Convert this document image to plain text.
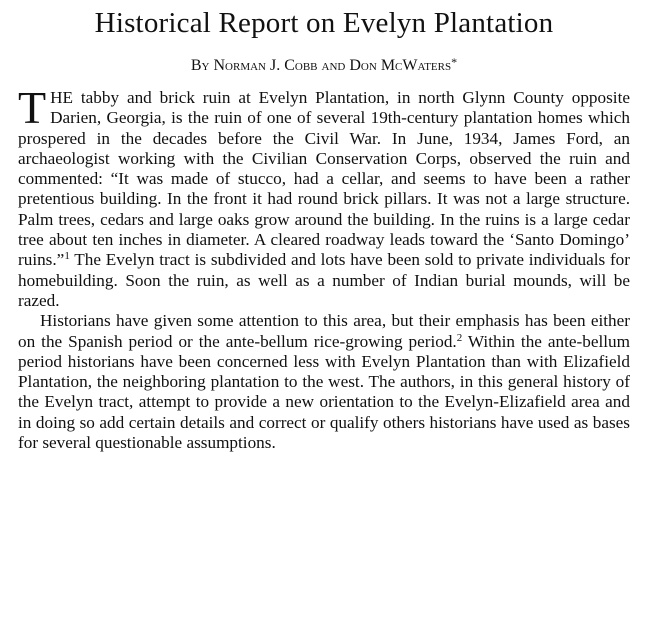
Historical Report on Evelyn Plantation

By Norman J. Cobb and Don McWaters*

THE tabby and brick ruin at Evelyn Plantation, in north Glynn County opposite Darien, Georgia, is the ruin of one of several 19th-century plantation homes which prospered in the decades before the Civil War. In June, 1934, James Ford, an archaeologist working with the Civilian Conservation Corps, observed the ruin and commented: “It was made of stucco, had a cellar, and seems to have been a rather pretentious building. In the front it had round brick pillars. It was not a large structure. Palm trees, cedars and large oaks grow around the building. In the ruins is a large cedar tree about ten inches in diameter. A cleared roadway leads toward the ‘Santo Domingo’ ruins.”$^1$ The Evelyn tract is subdivided and lots have been sold to private individuals for homebuilding. Soon the ruin, as well as a number of Indian burial mounds, will be razed.

Historians have given some attention to this area, but their emphasis has been either on the Spanish period or the ante-bellum rice-growing period.$^2$ Within the ante-bellum period historians have been concerned less with Evelyn Plantation than with Elizafield Plantation, the neighboring plantation to the west. The authors, in this general history of the Evelyn tract, attempt to provide a new orientation to the Evelyn-Elizafield area and in doing so add certain details and correct or qualify others historians have used as bases for several questionable assumptions.
